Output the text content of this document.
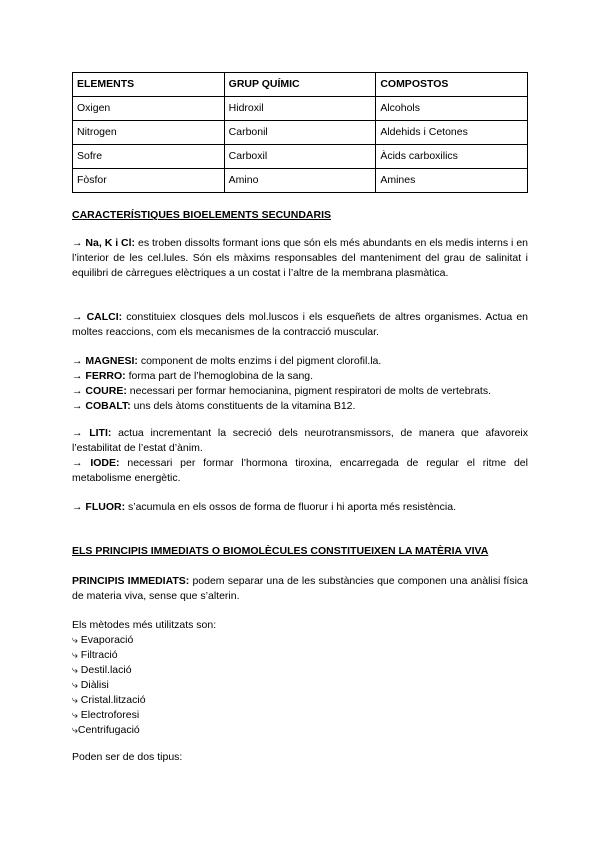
ELEMENTS	GRUP QUÍMIC	COMPOSTOS
Oxigen	Hidroxil	Alcohols
Nitrogen	Carbonil	Aldehids i Cetones
Sofre	Carboxil	Àcids carboxilics
Fòsfor	Amino	Amines

CARACTERÍSTIQUES BIOELEMENTS SECUNDARIS

→ Na, K i Cl: es troben dissolts formant ions que són els més abundants en els medis interns i en l’interior de les cel.lules. Són els màxims responsables del manteniment del grau de salinitat i equilibri de càrregues elèctriques a un costat i l’altre de la membrana plasmàtica.

→ CALCI: constituiex closques dels mol.luscos i els esqueñets de altres organismes. Actua en moltes reaccions, com els mecanismes de la contracció muscular.

→ MAGNESI: component de molts enzims i del pigment clorofil.la.

→ FERRO: forma part de l’hemoglobina de la sang.

→ COURE: necessari per formar hemocianina, pigment respiratori de molts de vertebrats.

→ COBALT: uns dels àtoms constituents de la vitamina B12.

→ LITI: actua incrementant la secreció dels neurotransmissors, de manera que afavoreix l’estabilitat de l’estat d’ànim.

→ IODE: necessari per formar l’hormona tiroxina, encarregada de regular el ritme del metabolisme energètic.

→ FLUOR: s’acumula en els ossos de forma de fluorur i hi aporta més resistència.

ELS PRINCIPIS IMMEDIATS O BIOMOLÈCULES CONSTITUEIXEN LA MATÈRIA VIVA

PRINCIPIS IMMEDIATS: podem separar una de les substàncies que componen una anàlisi física de materia viva, sense que s’alterin.

Els mètodes més utilitzats son:

⤷ Evaporació
⤷ Filtració
⤷ Destil.lació
⤷ Diàlisi
⤷ Cristal.lització
⤷ Electroforesi
⤷Centrifugació

Poden ser de dos tipus:
